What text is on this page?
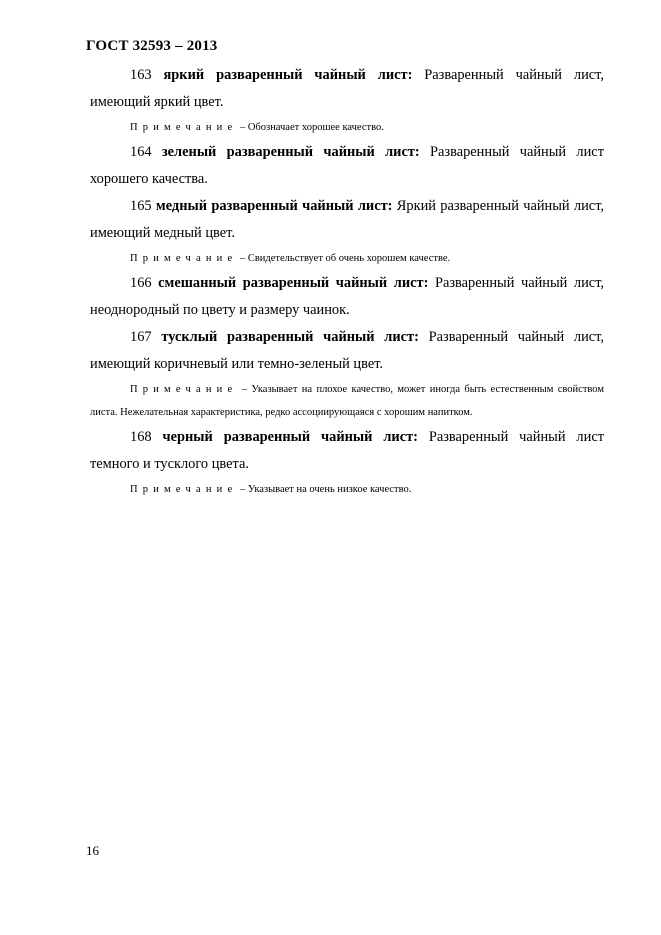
ГОСТ 32593 – 2013

163 яркий разваренный чайный лист: Разваренный чайный лист, имеющий яркий цвет.

Примечание – Обозначает хорошее качество.

164 зеленый разваренный чайный лист: Разваренный чайный лист хорошего качества.

165 медный разваренный чайный лист: Яркий разваренный чайный лист, имеющий медный цвет.

Примечание – Свидетельствует об очень хорошем качестве.

166 смешанный разваренный чайный лист: Разваренный чайный лист, неоднородный по цвету и размеру чаинок.

167 тусклый разваренный чайный лист: Разваренный чайный лист, имеющий коричневый или темно-зеленый цвет.

Примечание – Указывает на плохое качество, может иногда быть естественным свойством листа. Нежелательная характеристика, редко ассоциирующаяся с хорошим напитком.

168 черный разваренный чайный лист: Разваренный чайный лист темного и тусклого цвета.

Примечание – Указывает на очень низкое качество.

16
